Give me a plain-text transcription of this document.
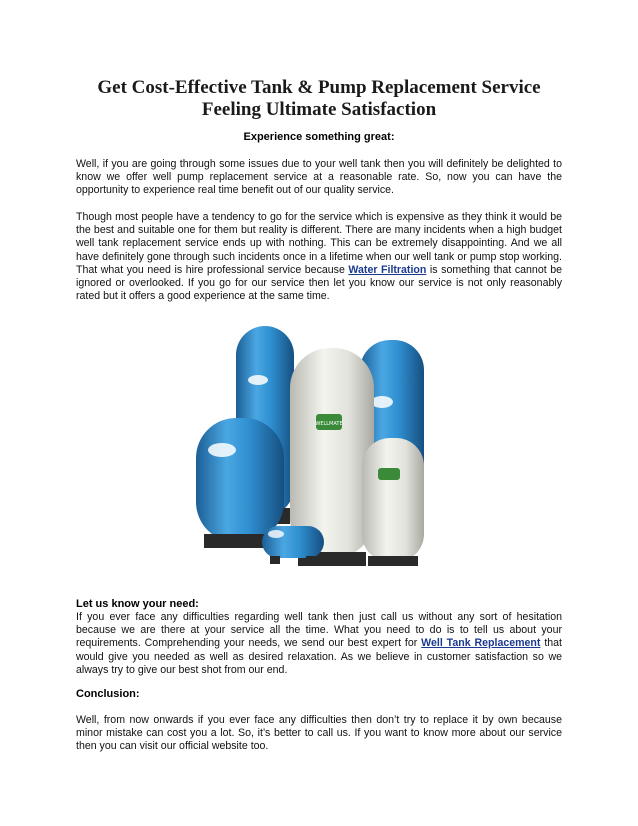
Get Cost-Effective Tank & Pump Replacement Service
Feeling Ultimate Satisfaction
Experience something great:

Well, if you are going through some issues due to your well tank then you will definitely be delighted to know we offer well pump replacement service at a reasonable rate. So, now you can have the opportunity to experience real time benefit out of our quality service.

Though most people have a tendency to go for the service which is expensive as they think it would be the best and suitable one for them but reality is different. There are many incidents when a high budget well tank replacement service ends up with nothing. This can be extremely disappointing. And we all have definitely gone through such incidents once in a lifetime when our well tank or pump stop working. That what you need is hire professional service because Water Filtration is something that cannot be ignored or overlooked. If you go for our service then let you know our service is not only reasonably rated but it offers a good experience at the same time.

WELLMATE
Let us know your need:

If you ever face any difficulties regarding well tank then just call us without any sort of hesitation because we are there at your service all the time. What you need to do is to tell us about your requirements. Comprehending your needs, we send our best expert for Well Tank Replacement that would give you needed as well as desired relaxation. As we believe in customer satisfaction so we always try to give our best shot from our end.

Conclusion:

Well, from now onwards if you ever face any difficulties then don’t try to replace it by own because minor mistake can cost you a lot. So, it’s better to call us. If you want to know more about our service then you can visit our official website too.
